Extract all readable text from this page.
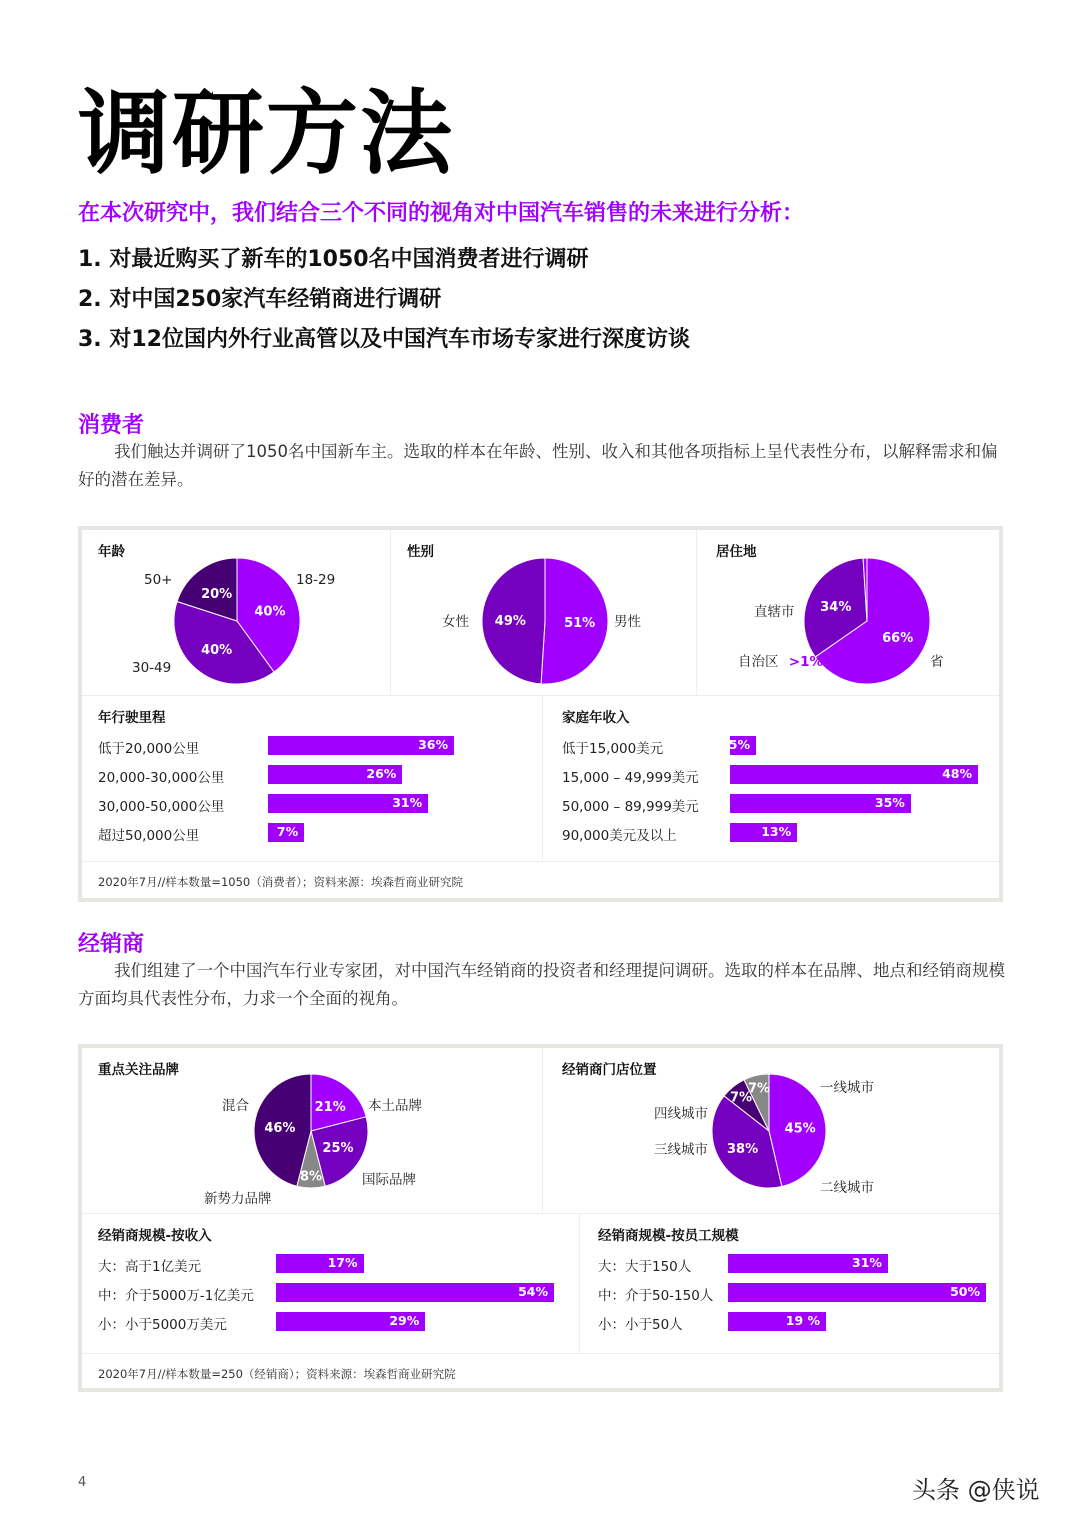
调研方法
在本次研究中，我们结合三个不同的视角对中国汽车销售的未来进行分析：
1. 对最近购买了新车的1050名中国消费者进行调研
2. 对中国250家汽车经销商进行调研
3. 对12位国内外行业高管以及中国汽车市场专家进行深度访谈
消费者
我们触达并调研了1050名中国新车主。选取的样本在年龄、性别、收入和其他各项指标上呈代表性分布，以解释需求和偏好的潜在差异。
年龄
40%
40%
20%
18-29
30-49
50+
性别
51%
49%	男性
女性
居住地
66%
34%
省
直辖市
自治区 >1%
年行驶里程
低于20,000公里	36%
20,000-30,000公里	26%
30,000-50,000公里	31%
超过50,000公里	7%
家庭年收入
低于15,000美元	5%
15,000 – 49,999美元	48%
50,000 – 89,999美元	35%
90,000美元及以上	13%
2020年7月//样本数量=1050（消费者）；资料来源：埃森哲商业研究院
经销商
我们组建了一个中国汽车行业专家团，对中国汽车经销商的投资者和经理提问调研。选取的样本在品牌、地点和经销商规模方面均具代表性分布，力求一个全面的视角。
重点关注品牌
21%
25%
8%
46%
本土品牌
国际品牌
新势力品牌
混合
经销商门店位置
45%
38%
7%
7%	一线城市
二线城市
三线城市
四线城市
经销商规模-按收入
大：高于1亿美元	17%
中：介于5000万-1亿美元	54%
小：小于5000万美元	29%
经销商规模-按员工规模
大：大于150人	31%
中：介于50-150人	50%
小：小于50人	19 %
2020年7月//样本数量=250（经销商）；资料来源：埃森哲商业研究院
4	头条 @侠说
